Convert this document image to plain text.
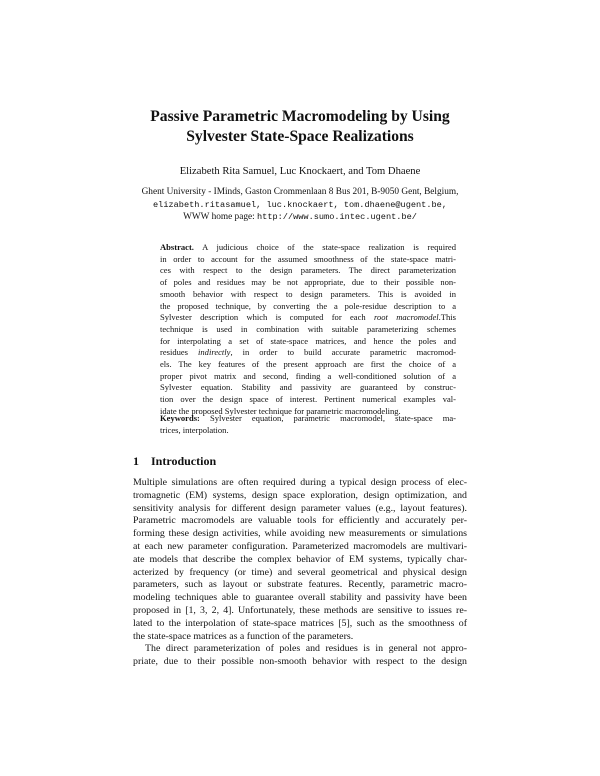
Passive Parametric Macromodeling by Using
Sylvester State-Space Realizations
Elizabeth Rita Samuel, Luc Knockaert, and Tom Dhaene
Ghent University - IMinds, Gaston Crommenlaan 8 Bus 201, B-9050 Gent, Belgium,
elizabeth.ritasamuel, luc.knockaert, tom.dhaene@ugent.be,
WWW home page: http://www.sumo.intec.ugent.be/
Abstract. A judicious choice of the state-space realization is required
in order to account for the assumed smoothness of the state-space matri-
ces with respect to the design parameters. The direct parameterization
of poles and residues may be not appropriate, due to their possible non-
smooth behavior with respect to design parameters. This is avoided in
the proposed technique, by converting the a pole-residue description to a
Sylvester description which is computed for each root macromodel.This
technique is used in combination with suitable parameterizing schemes
for interpolating a set of state-space matrices, and hence the poles and
residues indirectly, in order to build accurate parametric macromod-
els. The key features of the present approach are first the choice of a
proper pivot matrix and second, finding a well-conditioned solution of a
Sylvester equation. Stability and passivity are guaranteed by construc-
tion over the design space of interest. Pertinent numerical examples val-
idate the proposed Sylvester technique for parametric macromodeling.
Keywords: Sylvester equation, parametric macromodel, state-space ma-
trices, interpolation.
1 Introduction
Multiple simulations are often required during a typical design process of elec-
tromagnetic (EM) systems, design space exploration, design optimization, and
sensitivity analysis for different design parameter values (e.g., layout features).
Parametric macromodels are valuable tools for efficiently and accurately per-
forming these design activities, while avoiding new measurements or simulations
at each new parameter configuration. Parameterized macromodels are multivari-
ate models that describe the complex behavior of EM systems, typically char-
acterized by frequency (or time) and several geometrical and physical design
parameters, such as layout or substrate features. Recently, parametric macro-
modeling techniques able to guarantee overall stability and passivity have been
proposed in [1, 3, 2, 4]. Unfortunately, these methods are sensitive to issues re-
lated to the interpolation of state-space matrices [5], such as the smoothness of
the state-space matrices as a function of the parameters.
The direct parameterization of poles and residues is in general not appro-
priate, due to their possible non-smooth behavior with respect to the design
